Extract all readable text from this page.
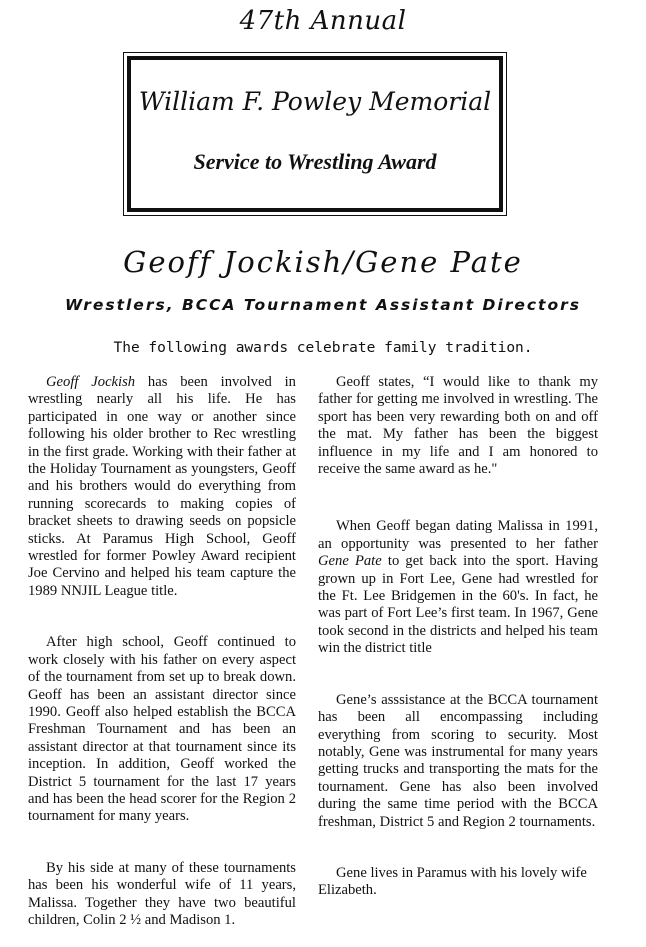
47th Annual
William F. Powley Memorial
Service to Wrestling Award
Geoff Jockish/Gene Pate
Wrestlers, BCCA Tournament Assistant Directors
The following awards celebrate family tradition.

Geoff Jockish has been involved in wrestling nearly all his life. He has participated in one way or another since following his older brother to Rec wrestling in the first grade. Working with their father at the Holiday Tournament as youngsters, Geoff and his brothers would do everything from running scorecards to making copies of bracket sheets to drawing seeds on popsicle sticks. At Paramus High School, Geoff wrestled for former Powley Award recipient Joe Cervino and helped his team capture the 1989 NNJIL League title.

After high school, Geoff continued to work closely with his father on every aspect of the tournament from set up to break down. Geoff has been an assistant director since 1990. Geoff also helped establish the BCCA Freshman Tournament and has been an assistant director at that tournament since its inception. In addition, Geoff worked the District 5 tournament for the last 17 years and has been the head scorer for the Region 2 tournament for many years.

By his side at many of these tournaments has been his wonderful wife of 11 years, Malissa. Together they have two beautiful children, Colin 2 ½ and Madison 1.

Geoff states, “I would like to thank my father for getting me involved in wrestling. The sport has been very rewarding both on and off the mat. My father has been the biggest influence in my life and I am honored to receive the same award as he."

When Geoff began dating Malissa in 1991, an opportunity was presented to her father Gene Pate to get back into the sport. Having grown up in Fort Lee, Gene had wrestled for the Ft. Lee Bridgemen in the 60's. In fact, he was part of Fort Lee’s first team. In 1967, Gene took second in the districts and helped his team win the district title

Gene’s asssistance at the BCCA tournament has been all encompassing including everything from scoring to security. Most notably, Gene was instrumental for many years getting trucks and transporting the mats for the tournament. Gene has also been involved during the same time period with the BCCA freshman, District 5 and Region 2 tournaments.

Gene lives in Paramus with his lovely wife Elizabeth.
